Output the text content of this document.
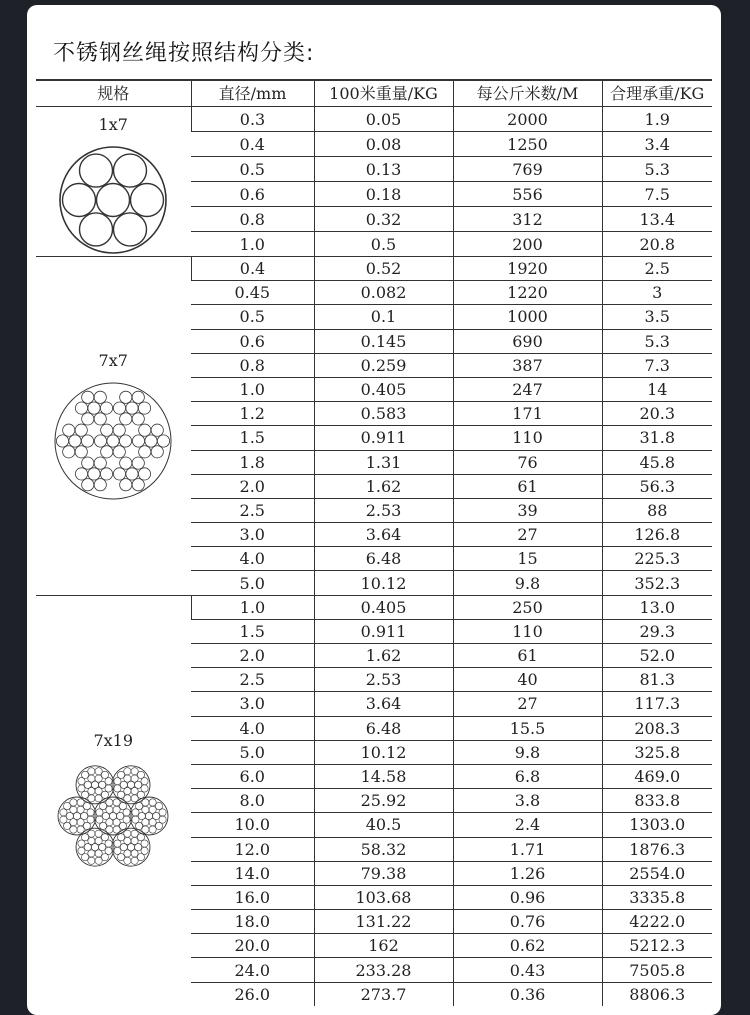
不锈钢丝绳按照结构分类:
规格	直径/mm	100米重量/KG	每公斤米数/M	合理承重/KG

1x7	0.3	0.05	2000	1.9
	0.4	0.08	1250	3.4
	0.5	0.13	769	5.3
	0.6	0.18	556	7.5
	0.8	0.32	312	13.4
	1.0	0.5	200	20.8

7x7	0.4	0.52	1920	2.5
	0.45	0.082	1220	3
	0.5	0.1	1000	3.5
	0.6	0.145	690	5.3
	0.8	0.259	387	7.3
	1.0	0.405	247	14
	1.2	0.583	171	20.3
	1.5	0.911	110	31.8
	1.8	1.31	76	45.8
	2.0	1.62	61	56.3
	2.5	2.53	39	88
	3.0	3.64	27	126.8
	4.0	6.48	15	225.3
	5.0	10.12	9.8	352.3

7x19	1.0	0.405	250	13.0
	1.5	0.911	110	29.3
	2.0	1.62	61	52.0
	2.5	2.53	40	81.3
	3.0	3.64	27	117.3
	4.0	6.48	15.5	208.3
	5.0	10.12	9.8	325.8
	6.0	14.58	6.8	469.0
	8.0	25.92	3.8	833.8
	10.0	40.5	2.4	1303.0
	12.0	58.32	1.71	1876.3
	14.0	79.38	1.26	2554.0
	16.0	103.68	0.96	3335.8
	18.0	131.22	0.76	4222.0
	20.0	162	0.62	5212.3
	24.0	233.28	0.43	7505.8
	26.0	273.7	0.36	8806.3
